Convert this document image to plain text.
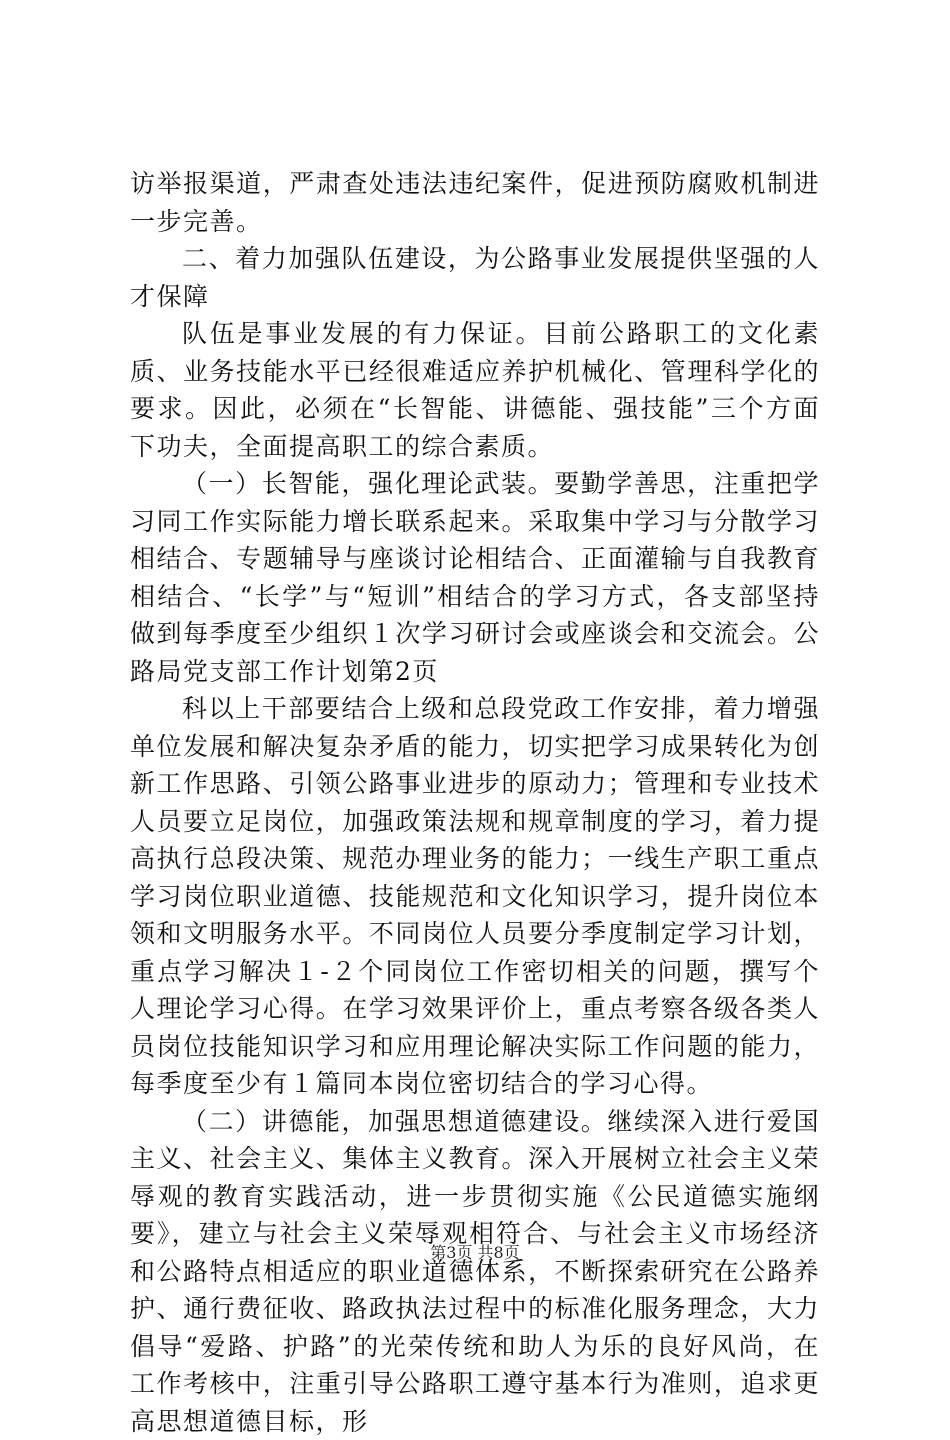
访举报渠道，严肃查处违法违纪案件，促进预防腐败机制进一步完善。

二、着力加强队伍建设，为公路事业发展提供坚强的人才保障

队伍是事业发展的有力保证。目前公路职工的文化素质、业务技能水平已经很难适应养护机械化、管理科学化的要求。因此，必须在“长智能、讲德能、强技能”三个方面下功夫，全面提高职工的综合素质。

（一）长智能，强化理论武装。要勤学善思，注重把学习同工作实际能力增长联系起来。采取集中学习与分散学习相结合、专题辅导与座谈讨论相结合、正面灌输与自我教育相结合、“长学”与“短训”相结合的学习方式，各支部坚持做到每季度至少组织１次学习研讨会或座谈会和交流会。公路局党支部工作计划第2页

科以上干部要结合上级和总段党政工作安排，着力增强单位发展和解决复杂矛盾的能力，切实把学习成果转化为创新工作思路、引领公路事业进步的原动力；管理和专业技术人员要立足岗位，加强政策法规和规章制度的学习，着力提高执行总段决策、规范办理业务的能力；一线生产职工重点学习岗位职业道德、技能规范和文化知识学习，提升岗位本领和文明服务水平。不同岗位人员要分季度制定学习计划，重点学习解决１-２个同岗位工作密切相关的问题，撰写个人理论学习心得。在学习效果评价上，重点考察各级各类人员岗位技能知识学习和应用理论解决实际工作问题的能力，每季度至少有１篇同本岗位密切结合的学习心得。

（二）讲德能，加强思想道德建设。继续深入进行爱国主义、社会主义、集体主义教育。深入开展树立社会主义荣辱观的教育实践活动，进一步贯彻实施《公民道德实施纲要》，建立与社会主义荣辱观相符合、与社会主义市场经济和公路特点相适应的职业道德体系，不断探索研究在公路养护、通行费征收、路政执法过程中的标准化服务理念，大力倡导“爱路、护路”的光荣传统和助人为乐的良好风尚，在工作考核中，注重引导公路职工遵守基本行为准则，追求更高思想道德目标，形

第3页 共8页
